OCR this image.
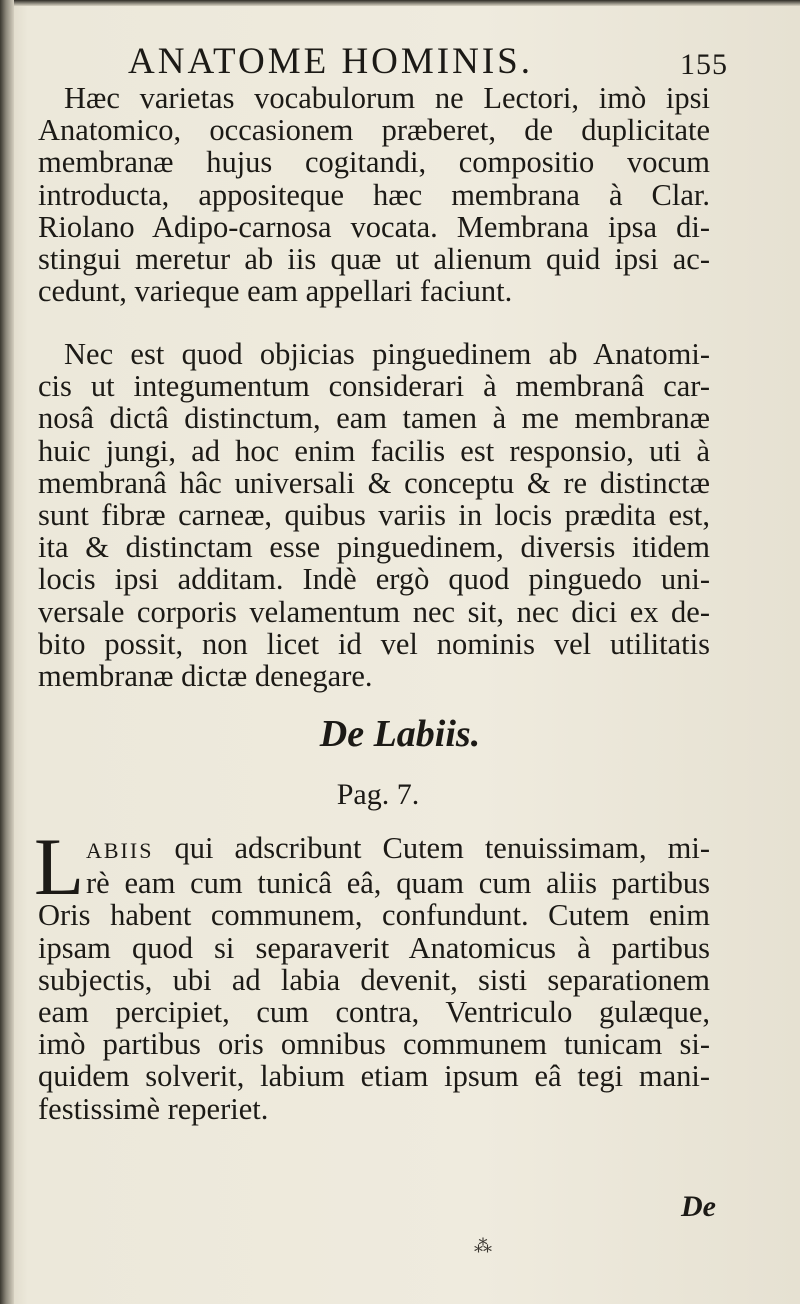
ANATOME HOMINIS.	155
Hæc varietas vocabulorum ne Lectori, imò ipsi
Anatomico, occasionem præberet, de duplicitate
membranæ hujus cogitandi, compositio vocum
introducta, appositeque hæc membrana à Clar.
Riolano Adipo-carnosa vocata. Membrana ipsa di-
stingui meretur ab iis quæ ut alienum quid ipsi ac-
cedunt, varieque eam appellari faciunt.
Nec est quod objicias pinguedinem ab Anatomi-
cis ut integumentum considerari à membranâ car-
nosâ dictâ distinctum, eam tamen à me membranæ
huic jungi, ad hoc enim facilis est responsio, uti à
membranâ hâc universali & conceptu & re distinctæ
sunt fibræ carneæ, quibus variis in locis prædita est,
ita & distinctam esse pinguedinem, diversis itidem
locis ipsi additam. Indè ergò quod pinguedo uni-
versale corporis velamentum nec sit, nec dici ex de-
bito possit, non licet id vel nominis vel utilitatis
membranæ dictæ denegare.
De Labiis.
Pag. 7.
L ABIIS qui adscribunt Cutem tenuissimam, mi-
rè eam cum tunicâ eâ, quam cum aliis partibus
Oris habent communem, confundunt. Cutem enim
ipsam quod si separaverit Anatomicus à partibus
subjectis, ubi ad labia devenit, sisti separationem
eam percipiet, cum contra, Ventriculo gulæque,
imò partibus oris omnibus communem tunicam si-
quidem solverit, labium etiam ipsum eâ tegi mani-
festissimè reperiet.
De
⁂
